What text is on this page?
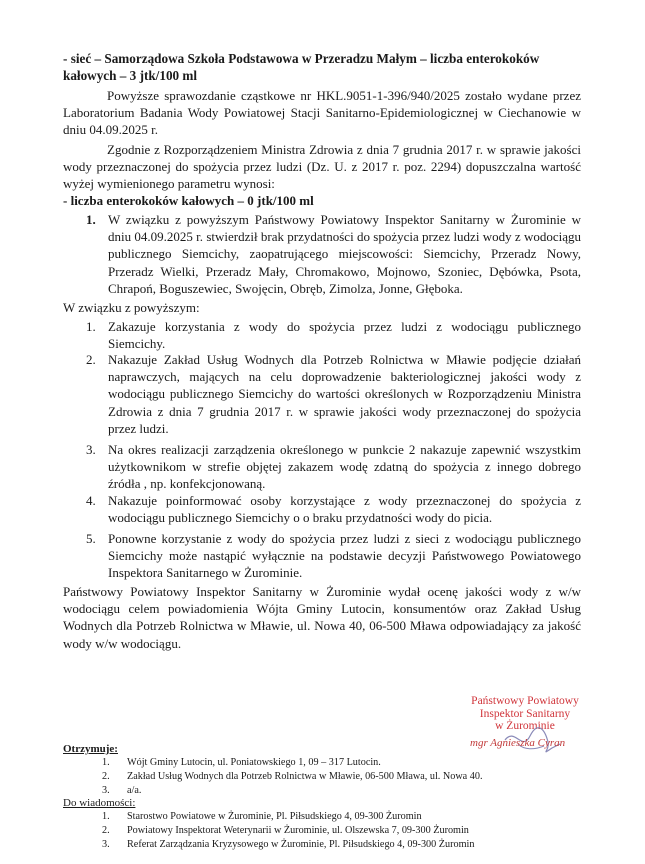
- sieć – Samorządowa Szkoła Podstawowa w Przeradzu Małym – liczba enterokoków
kałowych – 3 jtk/100 ml
Powyższe sprawozdanie cząstkowe nr HKL.9051-1-396/940/2025 zostało wydane przez Laboratorium Badania Wody Powiatowej Stacji Sanitarno-Epidemiologicznej w Ciechanowie w dniu 04.09.2025 r.
Zgodnie z Rozporządzeniem Ministra Zdrowia z dnia 7 grudnia 2017 r. w sprawie jakości wody przeznaczonej do spożycia przez ludzi (Dz. U. z 2017 r. poz. 2294) dopuszczalna wartość wyżej wymienionego parametru wynosi:
- liczba enterokoków kałowych – 0 jtk/100 ml
1. W związku z powyższym Państwowy Powiatowy Inspektor Sanitarny w Żurominie w dniu 04.09.2025 r. stwierdził brak przydatności do spożycia przez ludzi wody z wodociągu publicznego Siemcichy, zaopatrującego miejscowości: Siemcichy, Przeradz Nowy, Przeradz Wielki, Przeradz Mały, Chromakowo, Mojnowo, Szoniec, Dębówka, Psota, Chrapoń, Boguszewiec, Swojęcin, Obręb, Zimolza, Jonne, Głęboka.
W związku z powyższym:
1. Zakazuje korzystania z wody do spożycia przez ludzi z wodociągu publicznego Siemcichy.
2. Nakazuje Zakład Usług Wodnych dla Potrzeb Rolnictwa w Mławie podjęcie działań naprawczych, mających na celu doprowadzenie bakteriologicznej jakości wody z wodociągu publicznego Siemcichy do wartości określonych w Rozporządzeniu Ministra Zdrowia z dnia 7 grudnia 2017 r. w sprawie jakości wody przeznaczonej do spożycia przez ludzi.
3. Na okres realizacji zarządzenia określonego w punkcie 2 nakazuje zapewnić wszystkim użytkownikom w strefie objętej zakazem wodę zdatną do spożycia z innego dobrego źródła , np. konfekcjonowaną.
4. Nakazuje poinformować osoby korzystające z wody przeznaczonej do spożycia z wodociągu publicznego Siemcichy o o braku przydatności wody do picia.
5. Ponowne korzystanie z wody do spożycia przez ludzi z sieci z wodociągu publicznego Siemcichy może nastąpić wyłącznie na podstawie decyzji Państwowego Powiatowego Inspektora Sanitarnego w Żurominie.
Państwowy Powiatowy Inspektor Sanitarny w Żurominie wydał ocenę jakości wody z w/w wodociągu celem powiadomienia Wójta Gminy Lutocin, konsumentów oraz Zakład Usług Wodnych dla Potrzeb Rolnictwa w Mławie, ul. Nowa 40, 06-500 Mława odpowiadający za jakość wody w/w wodociągu.
Państwowy Powiatowy
Inspektor Sanitarny
w Żurominie
mgr Agnieszka Cyran
Otrzymuje:
1. Wójt Gminy Lutocin, ul. Poniatowskiego 1, 09 – 317 Lutocin.
2. Zakład Usług Wodnych dla Potrzeb Rolnictwa w Mławie, 06-500 Mława, ul. Nowa 40.
3. a/a.
Do wiadomości:
1. Starostwo Powiatowe w Żurominie, Pl. Piłsudskiego 4, 09-300 Żuromin
2. Powiatowy Inspektorat Weterynarii w Żurominie, ul. Olszewska 7, 09-300 Żuromin
3. Referat Zarządzania Kryzysowego w Żurominie, Pl. Piłsudskiego 4, 09-300 Żuromin
